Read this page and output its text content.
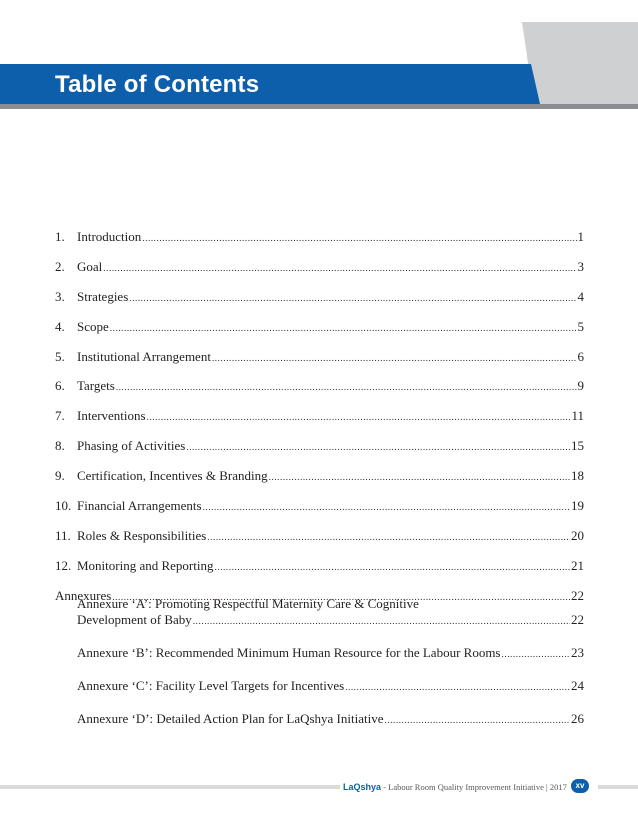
Table of Contents
1. Introduction .....	1
2. Goal .....	3
3. Strategies .....	4
4. Scope .....	5
5. Institutional Arrangement .....	6
6. Targets .....	9
7. Interventions .....	11
8. Phasing of Activities .....	15
9. Certification, Incentives & Branding .....	18
10. Financial Arrangements .....	19
11. Roles & Responsibilities .....	20
12. Monitoring and Reporting .....	21
Annexures .....	22
Annexure ‘A’: Promoting Respectful Maternity Care & Cognitive
Development of Baby .....	22
Annexure ‘B’: Recommended Minimum Human Resource for the Labour Rooms .....	23
Annexure ‘C’: Facility Level Targets for Incentives .....	24
Annexure ‘D’: Detailed Action Plan for LaQshya Initiative .....	26
LaQshya - Labour Room Quality Improvement Initiative | 2017	xv
